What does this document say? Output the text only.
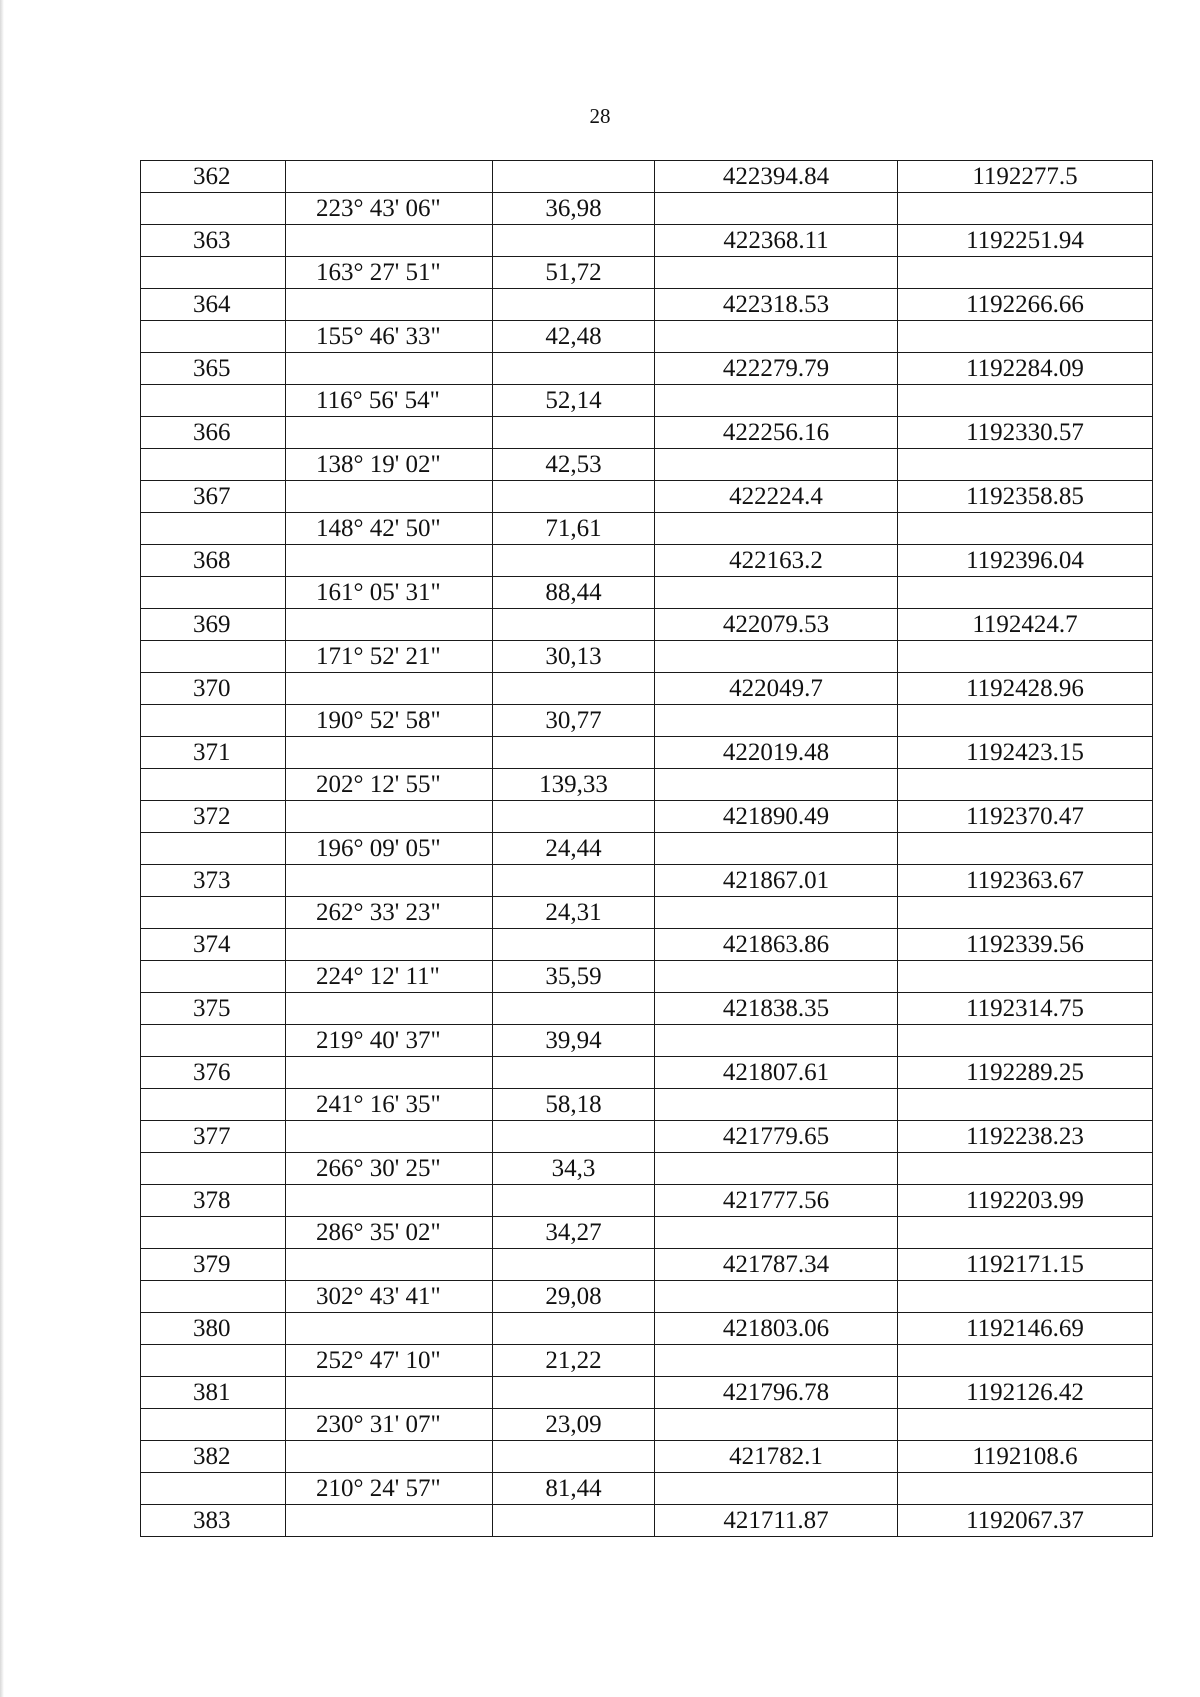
28
362			422394.84	1192277.5
	223° 43' 06"	36,98		
363			422368.11	1192251.94
	163° 27' 51"	51,72		
364			422318.53	1192266.66
	155° 46' 33"	42,48		
365			422279.79	1192284.09
	116° 56' 54"	52,14		
366			422256.16	1192330.57
	138° 19' 02"	42,53		
367			422224.4	1192358.85
	148° 42' 50"	71,61		
368			422163.2	1192396.04
	161° 05' 31"	88,44		
369			422079.53	1192424.7
	171° 52' 21"	30,13		
370			422049.7	1192428.96
	190° 52' 58"	30,77		
371			422019.48	1192423.15
	202° 12' 55"	139,33		
372			421890.49	1192370.47
	196° 09' 05"	24,44		
373			421867.01	1192363.67
	262° 33' 23"	24,31		
374			421863.86	1192339.56
	224° 12' 11"	35,59		
375			421838.35	1192314.75
	219° 40' 37"	39,94		
376			421807.61	1192289.25
	241° 16' 35"	58,18		
377			421779.65	1192238.23
	266° 30' 25"	34,3		
378			421777.56	1192203.99
	286° 35' 02"	34,27		
379			421787.34	1192171.15
	302° 43' 41"	29,08		
380			421803.06	1192146.69
	252° 47' 10"	21,22		
381			421796.78	1192126.42
	230° 31' 07"	23,09		
382			421782.1	1192108.6
	210° 24' 57"	81,44		
383			421711.87	1192067.37
